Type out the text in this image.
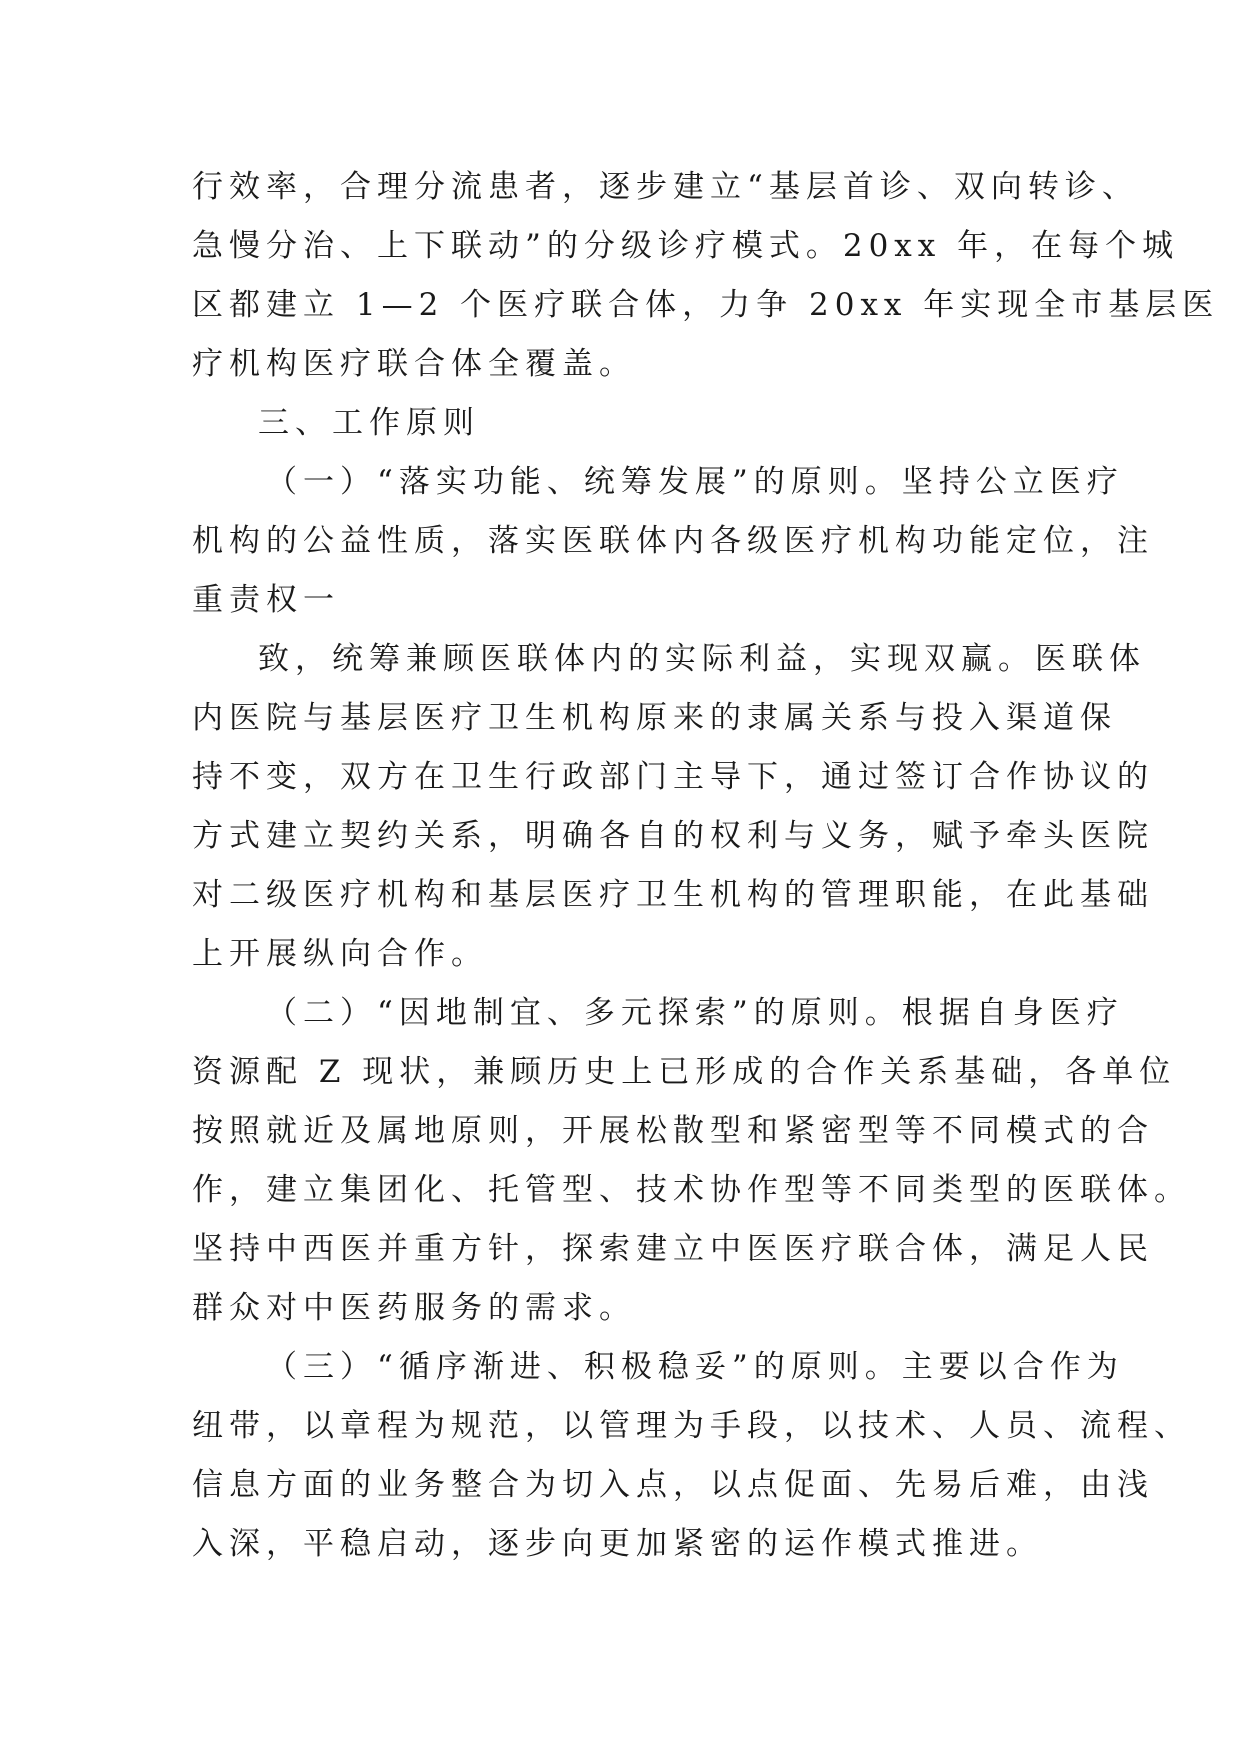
行效率，合理分流患者，逐步建立“基层首诊、双向转诊、
急慢分治、上下联动”的分级诊疗模式。20xx 年，在每个城
区都建立 1—2 个医疗联合体，力争 20xx 年实现全市基层医
疗机构医疗联合体全覆盖。
三、工作原则
（一）“落实功能、统筹发展”的原则。坚持公立医疗
机构的公益性质，落实医联体内各级医疗机构功能定位，注
重责权一
致，统筹兼顾医联体内的实际利益，实现双赢。医联体
内医院与基层医疗卫生机构原来的隶属关系与投入渠道保
持不变，双方在卫生行政部门主导下，通过签订合作协议的
方式建立契约关系，明确各自的权利与义务，赋予牵头医院
对二级医疗机构和基层医疗卫生机构的管理职能，在此基础
上开展纵向合作。
（二）“因地制宜、多元探索”的原则。根据自身医疗
资源配 Z 现状，兼顾历史上已形成的合作关系基础，各单位
按照就近及属地原则，开展松散型和紧密型等不同模式的合
作，建立集团化、托管型、技术协作型等不同类型的医联体。
坚持中西医并重方针，探索建立中医医疗联合体，满足人民
群众对中医药服务的需求。
（三）“循序渐进、积极稳妥”的原则。主要以合作为
纽带，以章程为规范，以管理为手段，以技术、人员、流程、
信息方面的业务整合为切入点，以点促面、先易后难，由浅
入深，平稳启动，逐步向更加紧密的运作模式推进。
